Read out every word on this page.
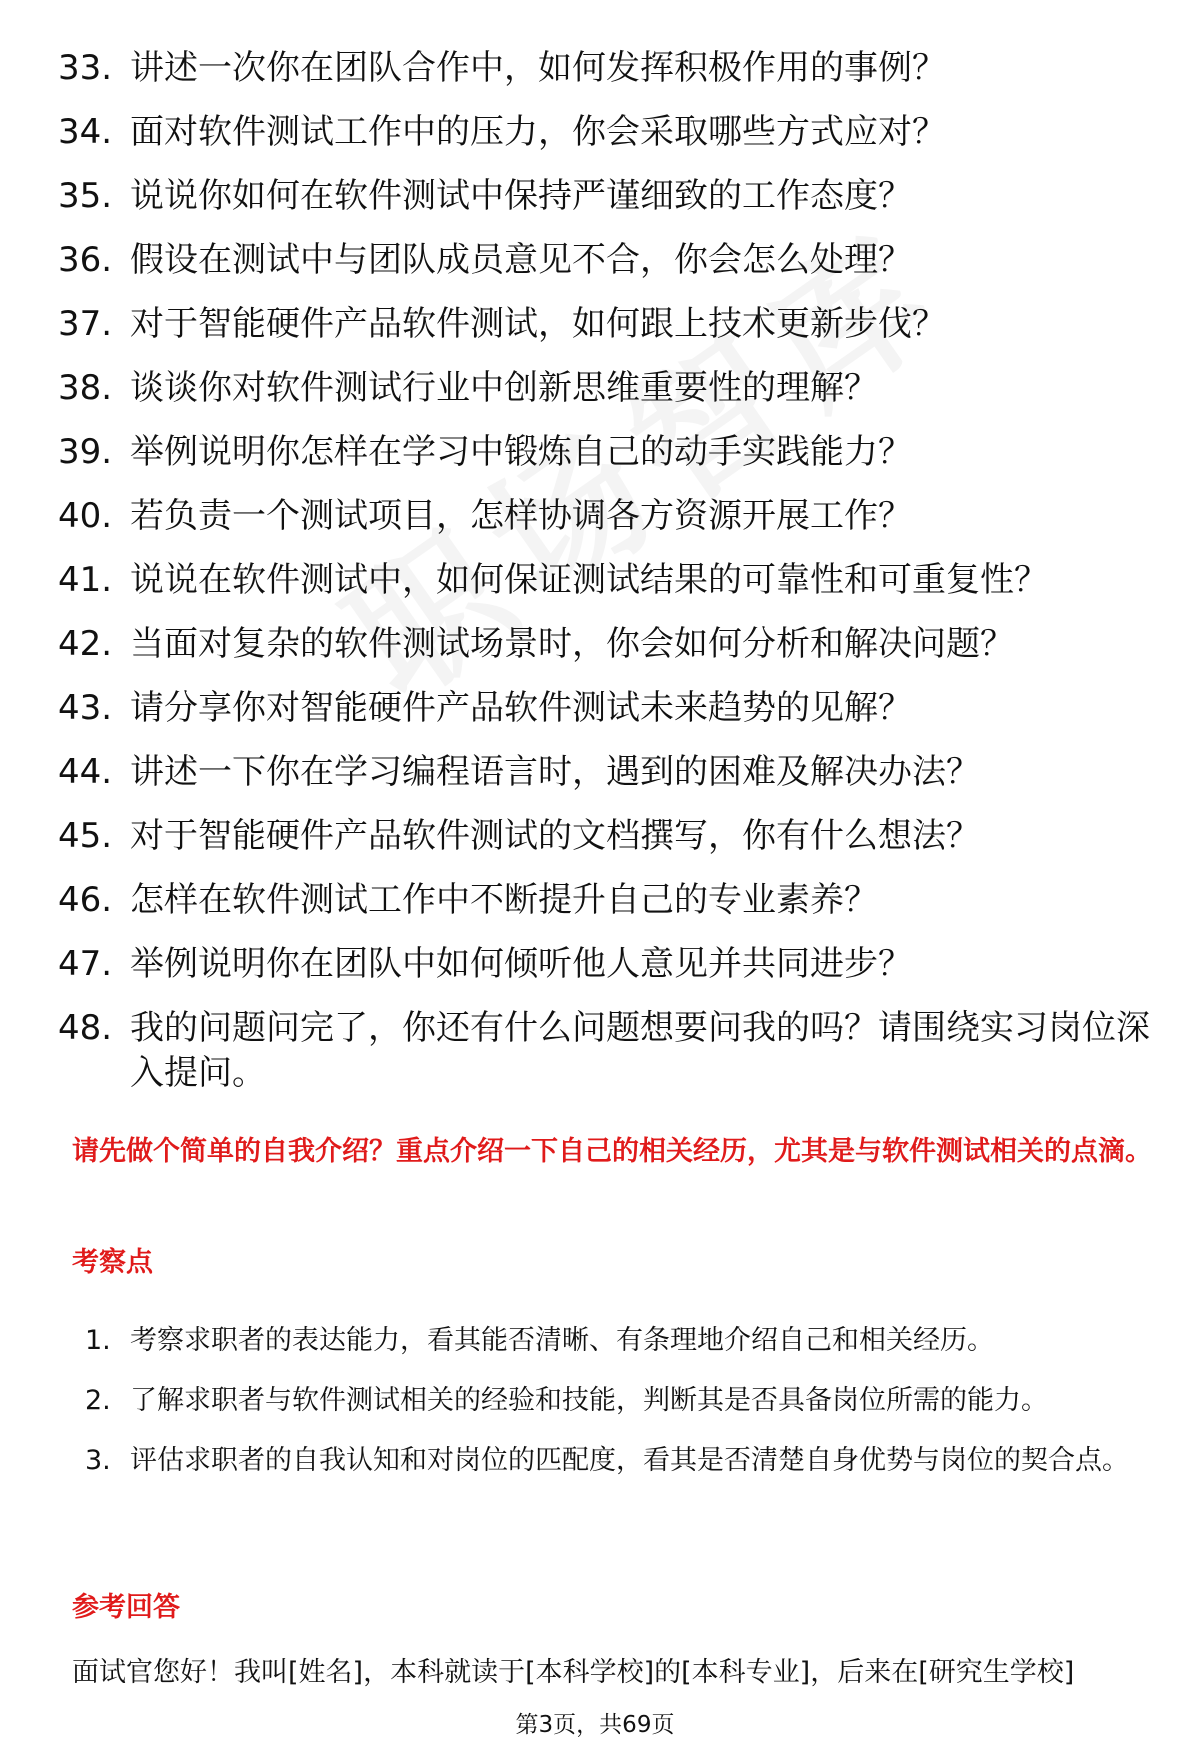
33. 讲述一次你在团队合作中，如何发挥积极作用的事例？
34. 面对软件测试工作中的压力，你会采取哪些方式应对？
35. 说说你如何在软件测试中保持严谨细致的工作态度？
36. 假设在测试中与团队成员意见不合，你会怎么处理？
37. 对于智能硬件产品软件测试，如何跟上技术更新步伐？
38. 谈谈你对软件测试行业中创新思维重要性的理解？
39. 举例说明你怎样在学习中锻炼自己的动手实践能力？
40. 若负责一个测试项目，怎样协调各方资源开展工作？
41. 说说在软件测试中，如何保证测试结果的可靠性和可重复性？
42. 当面对复杂的软件测试场景时，你会如何分析和解决问题？
43. 请分享你对智能硬件产品软件测试未来趋势的见解？
44. 讲述一下你在学习编程语言时，遇到的困难及解决办法？
45. 对于智能硬件产品软件测试的文档撰写，你有什么想法？
46. 怎样在软件测试工作中不断提升自己的专业素养？
47. 举例说明你在团队中如何倾听他人意见并共同进步？
48. 我的问题问完了，你还有什么问题想要问我的吗？请围绕实习岗位深入提问。
请先做个简单的自我介绍？重点介绍一下自己的相关经历，尤其是与软件测试相关的点滴。
考察点
1. 考察求职者的表达能力，看其能否清晰、有条理地介绍自己和相关经历。
2. 了解求职者与软件测试相关的经验和技能，判断其是否具备岗位所需的能力。
3. 评估求职者的自我认知和对岗位的匹配度，看其是否清楚自身优势与岗位的契合点。
参考回答
面试官您好！我叫[姓名]，本科就读于[本科学校]的[本科专业]，后来在[研究生学校]
第3页，共69页
